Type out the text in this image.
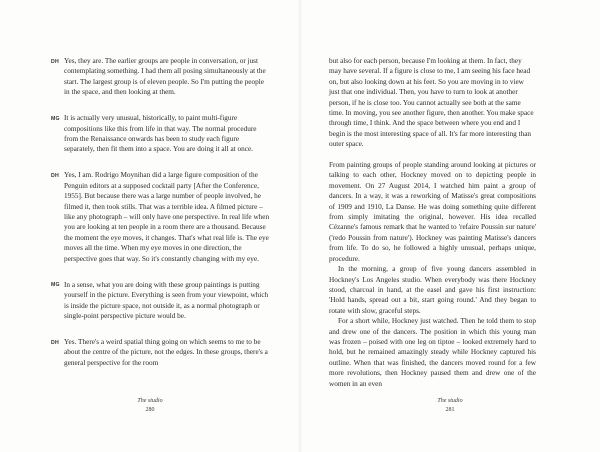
DH Yes, they are. The earlier groups are people in conversation, or just contemplating something. I had them all posing simultaneously at the start. The largest group is of eleven people. So I'm putting the people in the space, and then looking at them.

MG It is actually very unusual, historically, to paint multi-figure compositions like this from life in that way. The normal procedure from the Renaissance onwards has been to study each figure separately, then fit them into a space. You are doing it all at once.

DH Yes, I am. Rodrigo Moynihan did a large figure composition of the Penguin editors at a supposed cocktail party [After the Conference, 1955]. But because there was a large number of people involved, he filmed it, then took stills. That was a terrible idea. A filmed picture – like any photograph – will only have one perspective. In real life when you are looking at ten people in a room there are a thousand. Because the moment the eye moves, it changes. That's what real life is. The eye moves all the time. When my eye moves in one direction, the perspective goes that way. So it's constantly changing with my eye.

MG In a sense, what you are doing with these group paintings is putting yourself in the picture. Everything is seen from your viewpoint, which is inside the picture space, not outside it, as a normal photograph or single-point perspective picture would be.

DH Yes. There's a weird spatial thing going on which seems to me to be about the centre of the picture, not the edges. In these groups, there's a general perspective for the room

The studio
280

but also for each person, because I'm looking at them. In fact, they may have several. If a figure is close to me, I am seeing his face head on, but also looking down at his feet. So you are moving in to view just that one individual. Then, you have to turn to look at another person, if he is close too. You cannot actually see both at the same time. In moving, you see another figure, then another. You make space through time, I think. And the space between where you end and I begin is the most interesting space of all. It's far more interesting than outer space.

From painting groups of people standing around looking at pictures or talking to each other, Hockney moved on to depicting people in movement. On 27 August 2014, I watched him paint a group of dancers. In a way, it was a reworking of Matisse's great compositions of 1909 and 1910, La Danse. He was doing something quite different from simply imitating the original, however. His idea recalled Cézanne's famous remark that he wanted to 'refaire Poussin sur nature' ('redo Poussin from nature'). Hockney was painting Matisse's dancers from life. To do so, he followed a highly unusual, perhaps unique, procedure.

In the morning, a group of five young dancers assembled in Hockney's Los Angeles studio. When everybody was there Hockney stood, charcoal in hand, at the easel and gave his first instruction: 'Hold hands, spread out a bit, start going round.' And they began to rotate with slow, graceful steps.

For a short while, Hockney just watched. Then he told them to stop and drew one of the dancers. The position in which this young man was frozen – poised with one leg on tiptoe – looked extremely hard to hold, but he remained amazingly steady while Hockney captured his outline. When that was finished, the dancers moved round for a few more revolutions, then Hockney paused them and drew one of the women in an even

The studio
281
